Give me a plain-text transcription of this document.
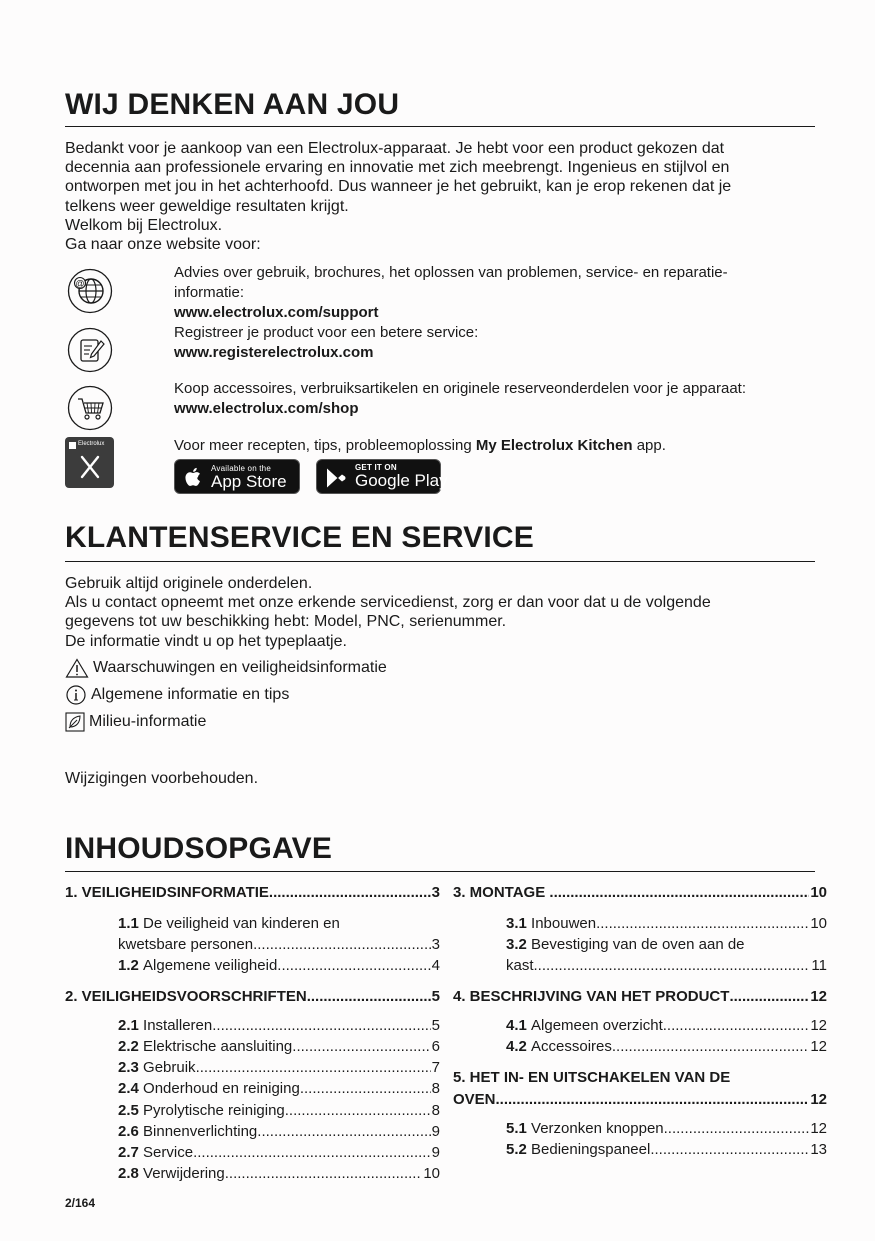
WIJ DENKEN AAN JOU
Bedankt voor je aankoop van een Electrolux-apparaat. Je hebt voor een product gekozen dat
decennia aan professionele ervaring en innovatie met zich meebrengt. Ingenieus en stijlvol en
ontworpen met jou in het achterhoofd. Dus wanneer je het gebruikt, kan je erop rekenen dat je
telkens weer geweldige resultaten krijgt.
Welkom bij Electrolux.
Ga naar onze website voor:
@
Advies over gebruik, brochures, het oplossen van problemen, service- en reparatie-
informatie:
www.electrolux.com/support
Registreer je product voor een betere service:
www.registerelectrolux.com
Koop accessoires, verbruiksartikelen en originele reserveonderdelen voor je apparaat:
www.electrolux.com/shop
Electrolux	Voor meer recepten, tips, probleemoplossing My Electrolux Kitchen app.
Available on the
App Store
GET IT ON
Google Play
KLANTENSERVICE EN SERVICE
Gebruik altijd originele onderdelen.
Als u contact opneemt met onze erkende servicedienst, zorg er dan voor dat u de volgende
gegevens tot uw beschikking hebt: Model, PNC, serienummer.
De informatie vindt u op het typeplaatje.
Waarschuwingen en veiligheidsinformatie
Algemene informatie en tips
Milieu-informatie
Wijzigingen voorbehouden.
INHOUDSOPGAVE
1. VEILIGHEIDSINFORMATIE .....	3
1.1 De veiligheid van kinderen en
kwetsbare personen .....	3
1.2
Algemene veiligheid .....	4
2. VEILIGHEIDSVOORSCHRIFTEN .....	5
2.1
Installeren .....	5
2.2
Elektrische aansluiting .....	6
2.3
Gebruik .....	7
2.4
Onderhoud en reiniging .....	8
2.5
Pyrolytische reiniging .....	8
2.6
Binnenverlichting .....	9
2.7
Service .....	9
2.8
Verwijdering .....	10
3. MONTAGE
.....	10
3.1
Inbouwen .....	10
3.2 Bevestiging van de oven aan de
kast .....	11
4. BESCHRIJVING VAN HET PRODUCT .....	12
4.1
Algemeen overzicht .....	12
4.2
Accessoires .....	12
5. HET IN- EN UITSCHAKELEN VAN DE
OVEN .....	12
5.1
Verzonken knoppen .....	12
5.2
Bedieningspaneel .....	13
2/164
